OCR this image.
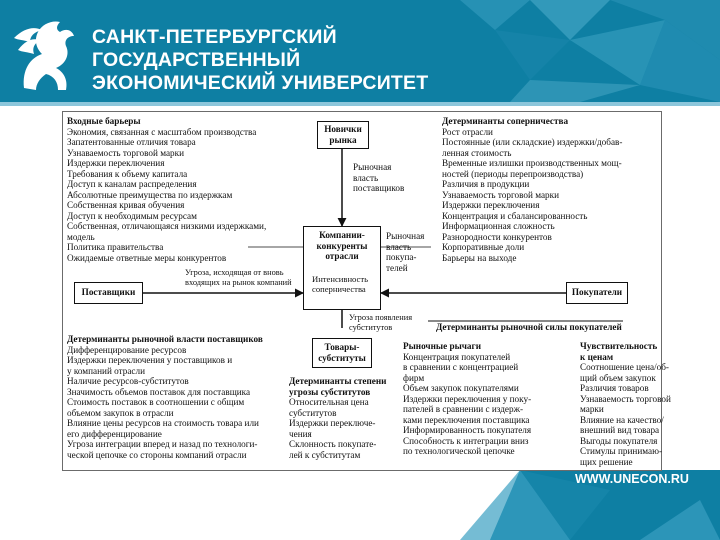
САНКТ-ПЕТЕРБУРГСКИЙ
ГОСУДАРСТВЕННЫЙ
ЭКОНОМИЧЕСКИЙ УНИВЕРСИТЕТ
WWW.UNECON.RU
Входные барьеры
Экономия, связанная с масштабом производства
Запатентованные отличия товара
Узнаваемость торговой марки
Издержки переключения
Требования к объему капитала
Доступ к каналам распределения
Абсолютные преимущества по издержкам
Собственная кривая обучения
Доступ к необходимым ресурсам
Собственная, отличающаяся низкими издержками,
модель
Политика правительства
Ожидаемые ответные меры конкурентов
Новички
рынка
Рыночная
власть
поставщиков
Детерминанты соперничества
Рост отрасли
Постоянные (или складские) издержки/добав-
ленная стоимость
Временные излишки производственных мощ-
ностей (периоды перепроизводства)
Различия в продукции
Узнаваемость торговой марки
Издержки переключения
Концентрация и сбалансированность
Информационная сложность
Разнородности конкурентов
Корпоративные доли
Барьеры на выходе
Компании-
конкуренты
отрасли
Интенсивность
соперничества
Рыночная
власть
покупа-
телей
Угроза, исходящая от вновь
входящих на рынок компаний
Поставщики	Покупатели
Угроза появления
субститутов	Детерминанты рыночной силы покупателей
Товары-
субституты
Детерминанты рыночной власти поставщиков
Дифференцирование ресурсов
Издержки переключения у поставщиков и
у компаний отрасли
Наличие ресурсов-субститутов
Значимость объемов поставок для поставщика
Стоимость поставок в соотношении с общим
объемом закупок в отрасли
Влияние цены ресурсов на стоимость товара или
его дифференцирование
Угроза интеграции вперед и назад по технологи-
ческой цепочке со стороны компаний отрасли
Детерминанты степени
угрозы субститутов
Относительная цена
субститутов
Издержки переключе-
чения
Склонность покупате-
лей к субститутам
Рыночные рычаги
Концентрация покупателей
в сравнении с концентрацией
фирм
Объем закупок покупателями
Издержки переключения у поку-
пателей в сравнении с издерж-
ками переключения поставщика
Информированность покупателя
Способность к интеграции вниз
по технологической цепочке
Чувствительность
к ценам
Соотношение цена/об-
щий объем закупок
Различия товаров
Узнаваемость торговой
марки
Влияние на качество/
внешний вид товара
Выгоды покупателя
Стимулы принимаю-
щих решение
